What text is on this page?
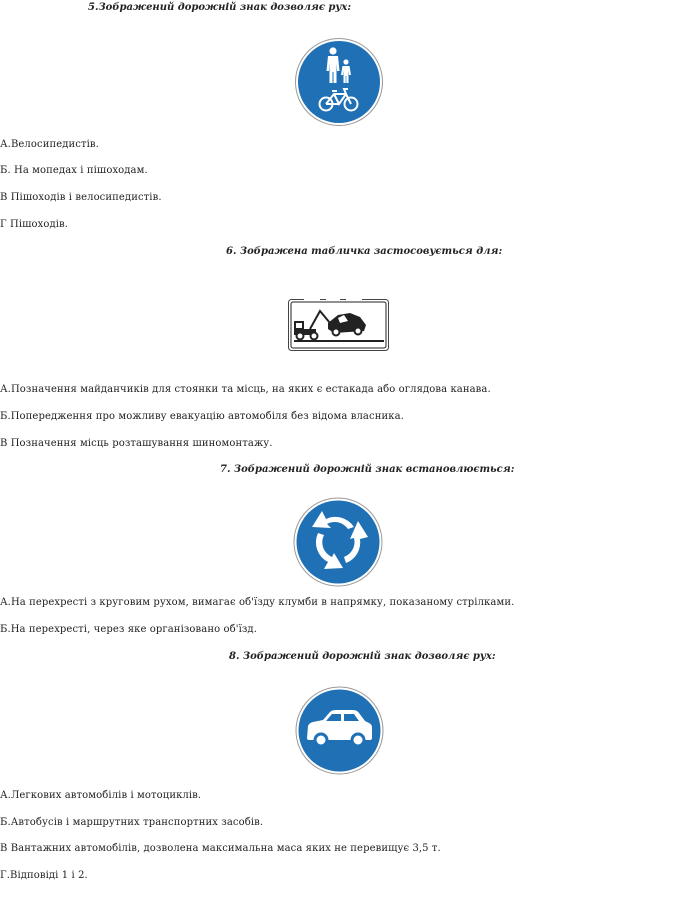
5.Зображений дорожній знак дозволяє рух:
А.Велосипедистів.
Б. На мопедах і пішоходам.
В Пішоходів і велосипедистів.
Г Пішоходів.
6. Зображена табличка застосовується для:
А.Позначення майданчиків для стоянки та місць, на яких є естакада або оглядова канава.
Б.Попередження про можливу евакуацію автомобіля без відома власника.
В Позначення місць розташування шиномонтажу.
7. Зображений дорожній знак встановлюється:
А.На перехресті з круговим рухом, вимагає об'їзду клумби в напрямку, показаному стрілками.
Б.На перехресті, через яке організовано об'їзд.
8. Зображений дорожній знак дозволяє рух:
А.Легкових автомобілів і мотоциклів.
Б.Автобусів і маршрутних транспортних засобів.
В Вантажних автомобілів, дозволена максимальна маса яких не перевищує 3,5 т.
Г.Відповіді 1 і 2.
